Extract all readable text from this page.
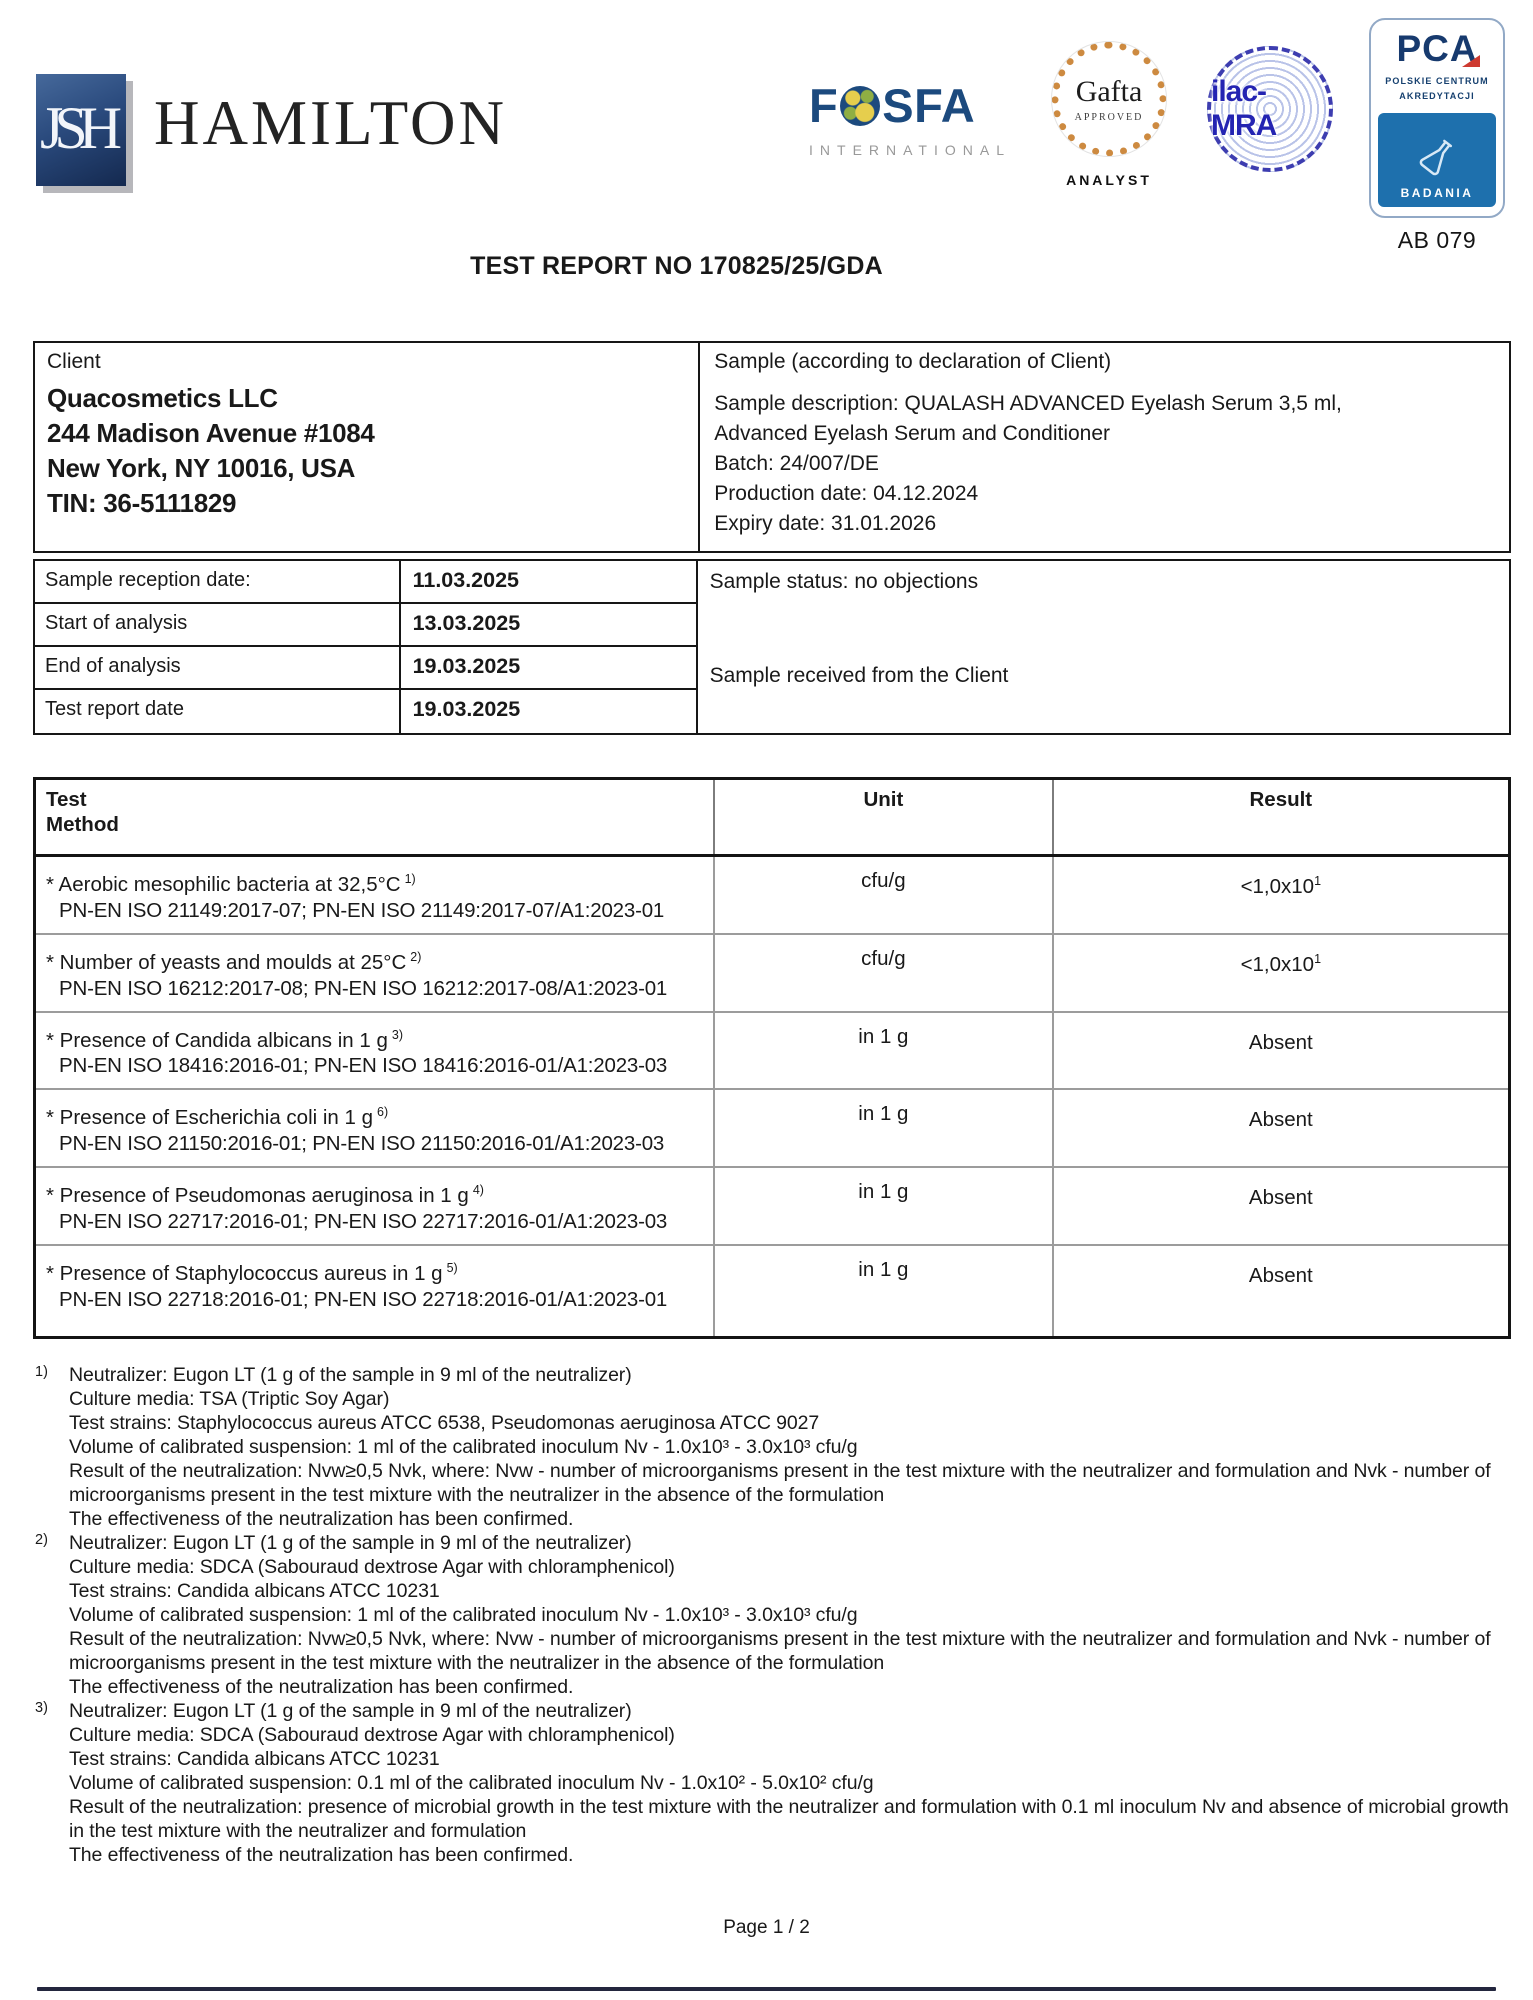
JSH HAMILTON	F SFA
INTERNATIONAL
Gafta
APPROVED
ANALYST
ilac-MRA
PCA
POLSKIE CENTRUM
AKREDYTACJI
BADANIA
AB 079
TEST REPORT NO 170825/25/GDA
Client
Quacosmetics LLC
244 Madison Avenue #1084
New York, NY 10016, USA
TIN: 36-5111829
Sample (according to declaration of Client)
Sample description: QUALASH ADVANCED Eyelash Serum 3,5 ml,
Advanced Eyelash Serum and Conditioner
Batch: 24/007/DE
Production date: 04.12.2024
Expiry date: 31.01.2026
Sample reception date:	11.03.2025
Start of analysis	13.03.2025
End of analysis	19.03.2025
Test report date	19.03.2025
Sample status: no objections
Sample received from the Client
Test
Method
Unit	Result
* Aerobic mesophilic bacteria at 32,5°C $^{1)}$
PN-EN ISO 21149:2017-07; PN-EN ISO 21149:2017-07/A1:2023-01
cfu/g	$<1,0x10^1$
* Number of yeasts and moulds at 25°C $^{2)}$
PN-EN ISO 16212:2017-08; PN-EN ISO 16212:2017-08/A1:2023-01
cfu/g	$<1,0x10^1$
* Presence of Candida albicans in 1 g $^{3)}$
PN-EN ISO 18416:2016-01; PN-EN ISO 18416:2016-01/A1:2023-03
in 1 g	Absent
* Presence of Escherichia coli in 1 g $^{6)}$
PN-EN ISO 21150:2016-01; PN-EN ISO 21150:2016-01/A1:2023-03
in 1 g	Absent
* Presence of Pseudomonas aeruginosa in 1 g $^{4)}$
PN-EN ISO 22717:2016-01; PN-EN ISO 22717:2016-01/A1:2023-03
in 1 g	Absent
* Presence of Staphylococcus aureus in 1 g $^{5)}$
PN-EN ISO 22718:2016-01; PN-EN ISO 22718:2016-01/A1:2023-01
in 1 g	Absent
1)	Neutralizer: Eugon LT (1 g of the sample in 9 ml of the neutralizer)
Culture media: TSA (Triptic Soy Agar)
Test strains: Staphylococcus aureus ATCC 6538, Pseudomonas aeruginosa ATCC 9027
Volume of calibrated suspension: 1 ml of the calibrated inoculum Nv - 1.0x10³ - 3.0x10³ cfu/g
Result of the neutralization: Nvw≥0,5 Nvk, where: Nvw - number of microorganisms present in the test mixture with the neutralizer and formulation and Nvk - number of microorganisms present in the test mixture with the neutralizer in the absence of the formulation
The effectiveness of the neutralization has been confirmed.
2)	Neutralizer: Eugon LT (1 g of the sample in 9 ml of the neutralizer)
Culture media: SDCA (Sabouraud dextrose Agar with chloramphenicol)
Test strains: Candida albicans ATCC 10231
Volume of calibrated suspension: 1 ml of the calibrated inoculum Nv - 1.0x10³ - 3.0x10³ cfu/g
Result of the neutralization: Nvw≥0,5 Nvk, where: Nvw - number of microorganisms present in the test mixture with the neutralizer and formulation and Nvk - number of microorganisms present in the test mixture with the neutralizer in the absence of the formulation
The effectiveness of the neutralization has been confirmed.
3)	Neutralizer: Eugon LT (1 g of the sample in 9 ml of the neutralizer)
Culture media: SDCA (Sabouraud dextrose Agar with chloramphenicol)
Test strains: Candida albicans ATCC 10231
Volume of calibrated suspension: 0.1 ml of the calibrated inoculum Nv - 1.0x10² - 5.0x10² cfu/g
Result of the neutralization: presence of microbial growth in the test mixture with the neutralizer and formulation with 0.1 ml inoculum Nv and absence of microbial growth in the test mixture with the neutralizer and formulation
The effectiveness of the neutralization has been confirmed.
Page 1 / 2
